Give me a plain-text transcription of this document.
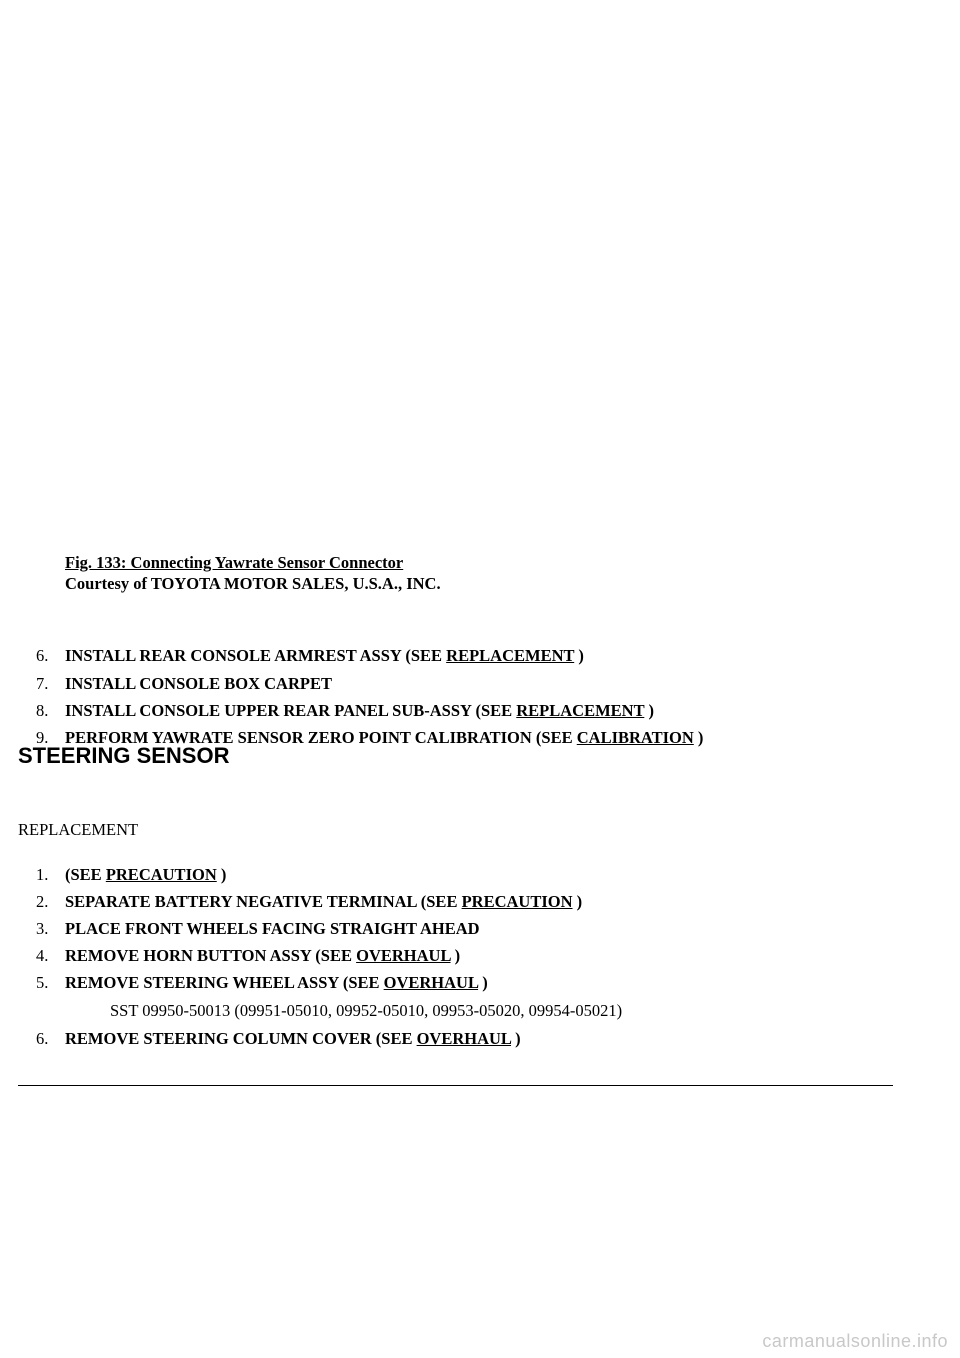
Fig. 133: Connecting Yawrate Sensor Connector
Courtesy of TOYOTA MOTOR SALES, U.S.A., INC.
6. INSTALL REAR CONSOLE ARMREST ASSY (SEE REPLACEMENT )
7. INSTALL CONSOLE BOX CARPET
8. INSTALL CONSOLE UPPER REAR PANEL SUB-ASSY (SEE REPLACEMENT )
9. PERFORM YAWRATE SENSOR ZERO POINT CALIBRATION (SEE CALIBRATION )
STEERING SENSOR
REPLACEMENT
1. (SEE PRECAUTION )
2. SEPARATE BATTERY NEGATIVE TERMINAL (SEE PRECAUTION )
3. PLACE FRONT WHEELS FACING STRAIGHT AHEAD
4. REMOVE HORN BUTTON ASSY (SEE OVERHAUL )
5. REMOVE STEERING WHEEL ASSY (SEE OVERHAUL )
6. REMOVE STEERING COLUMN COVER (SEE OVERHAUL )
SST 09950-50013 (09951-05010, 09952-05010, 09953-05020, 09954-05021)
carmanualsonline.info
